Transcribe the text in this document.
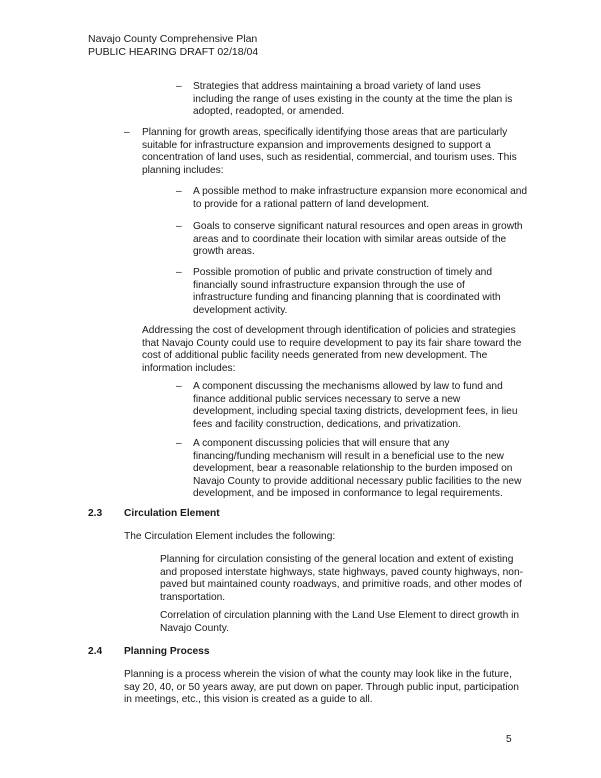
Navajo County Comprehensive Plan
PUBLIC HEARING DRAFT 02/18/04
– Strategies that address maintaining a broad variety of land uses including the range of uses existing in the county at the time the plan is adopted, readopted, or amended.

– Planning for growth areas, specifically identifying those areas that are particularly suitable for infrastructure expansion and improvements designed to support a concentration of land uses, such as residential, commercial, and tourism uses. This planning includes:

– A possible method to make infrastructure expansion more economical and to provide for a rational pattern of land development.

– Goals to conserve significant natural resources and open areas in growth areas and to coordinate their location with similar areas outside of the growth areas.

– Possible promotion of public and private construction of timely and financially sound infrastructure expansion through the use of infrastructure funding and financing planning that is coordinated with development activity.

Addressing the cost of development through identification of policies and strategies that Navajo County could use to require development to pay its fair share toward the cost of additional public facility needs generated from new development. The information includes:

– A component discussing the mechanisms allowed by law to fund and finance additional public services necessary to serve a new development, including special taxing districts, development fees, in lieu fees and facility construction, dedications, and privatization.

– A component discussing policies that will ensure that any financing/funding mechanism will result in a beneficial use to the new development, bear a reasonable relationship to the burden imposed on Navajo County to provide additional necessary public facilities to the new development, and be imposed in conformance to legal requirements.

2.3 Circulation Element

The Circulation Element includes the following:

Planning for circulation consisting of the general location and extent of existing and proposed interstate highways, state highways, paved county highways, non-paved but maintained county roadways, and primitive roads, and other modes of transportation.

Correlation of circulation planning with the Land Use Element to direct growth in Navajo County.

2.4 Planning Process

Planning is a process wherein the vision of what the county may look like in the future, say 20, 40, or 50 years away, are put down on paper. Through public input, participation in meetings, etc., this vision is created as a guide to all.

5
